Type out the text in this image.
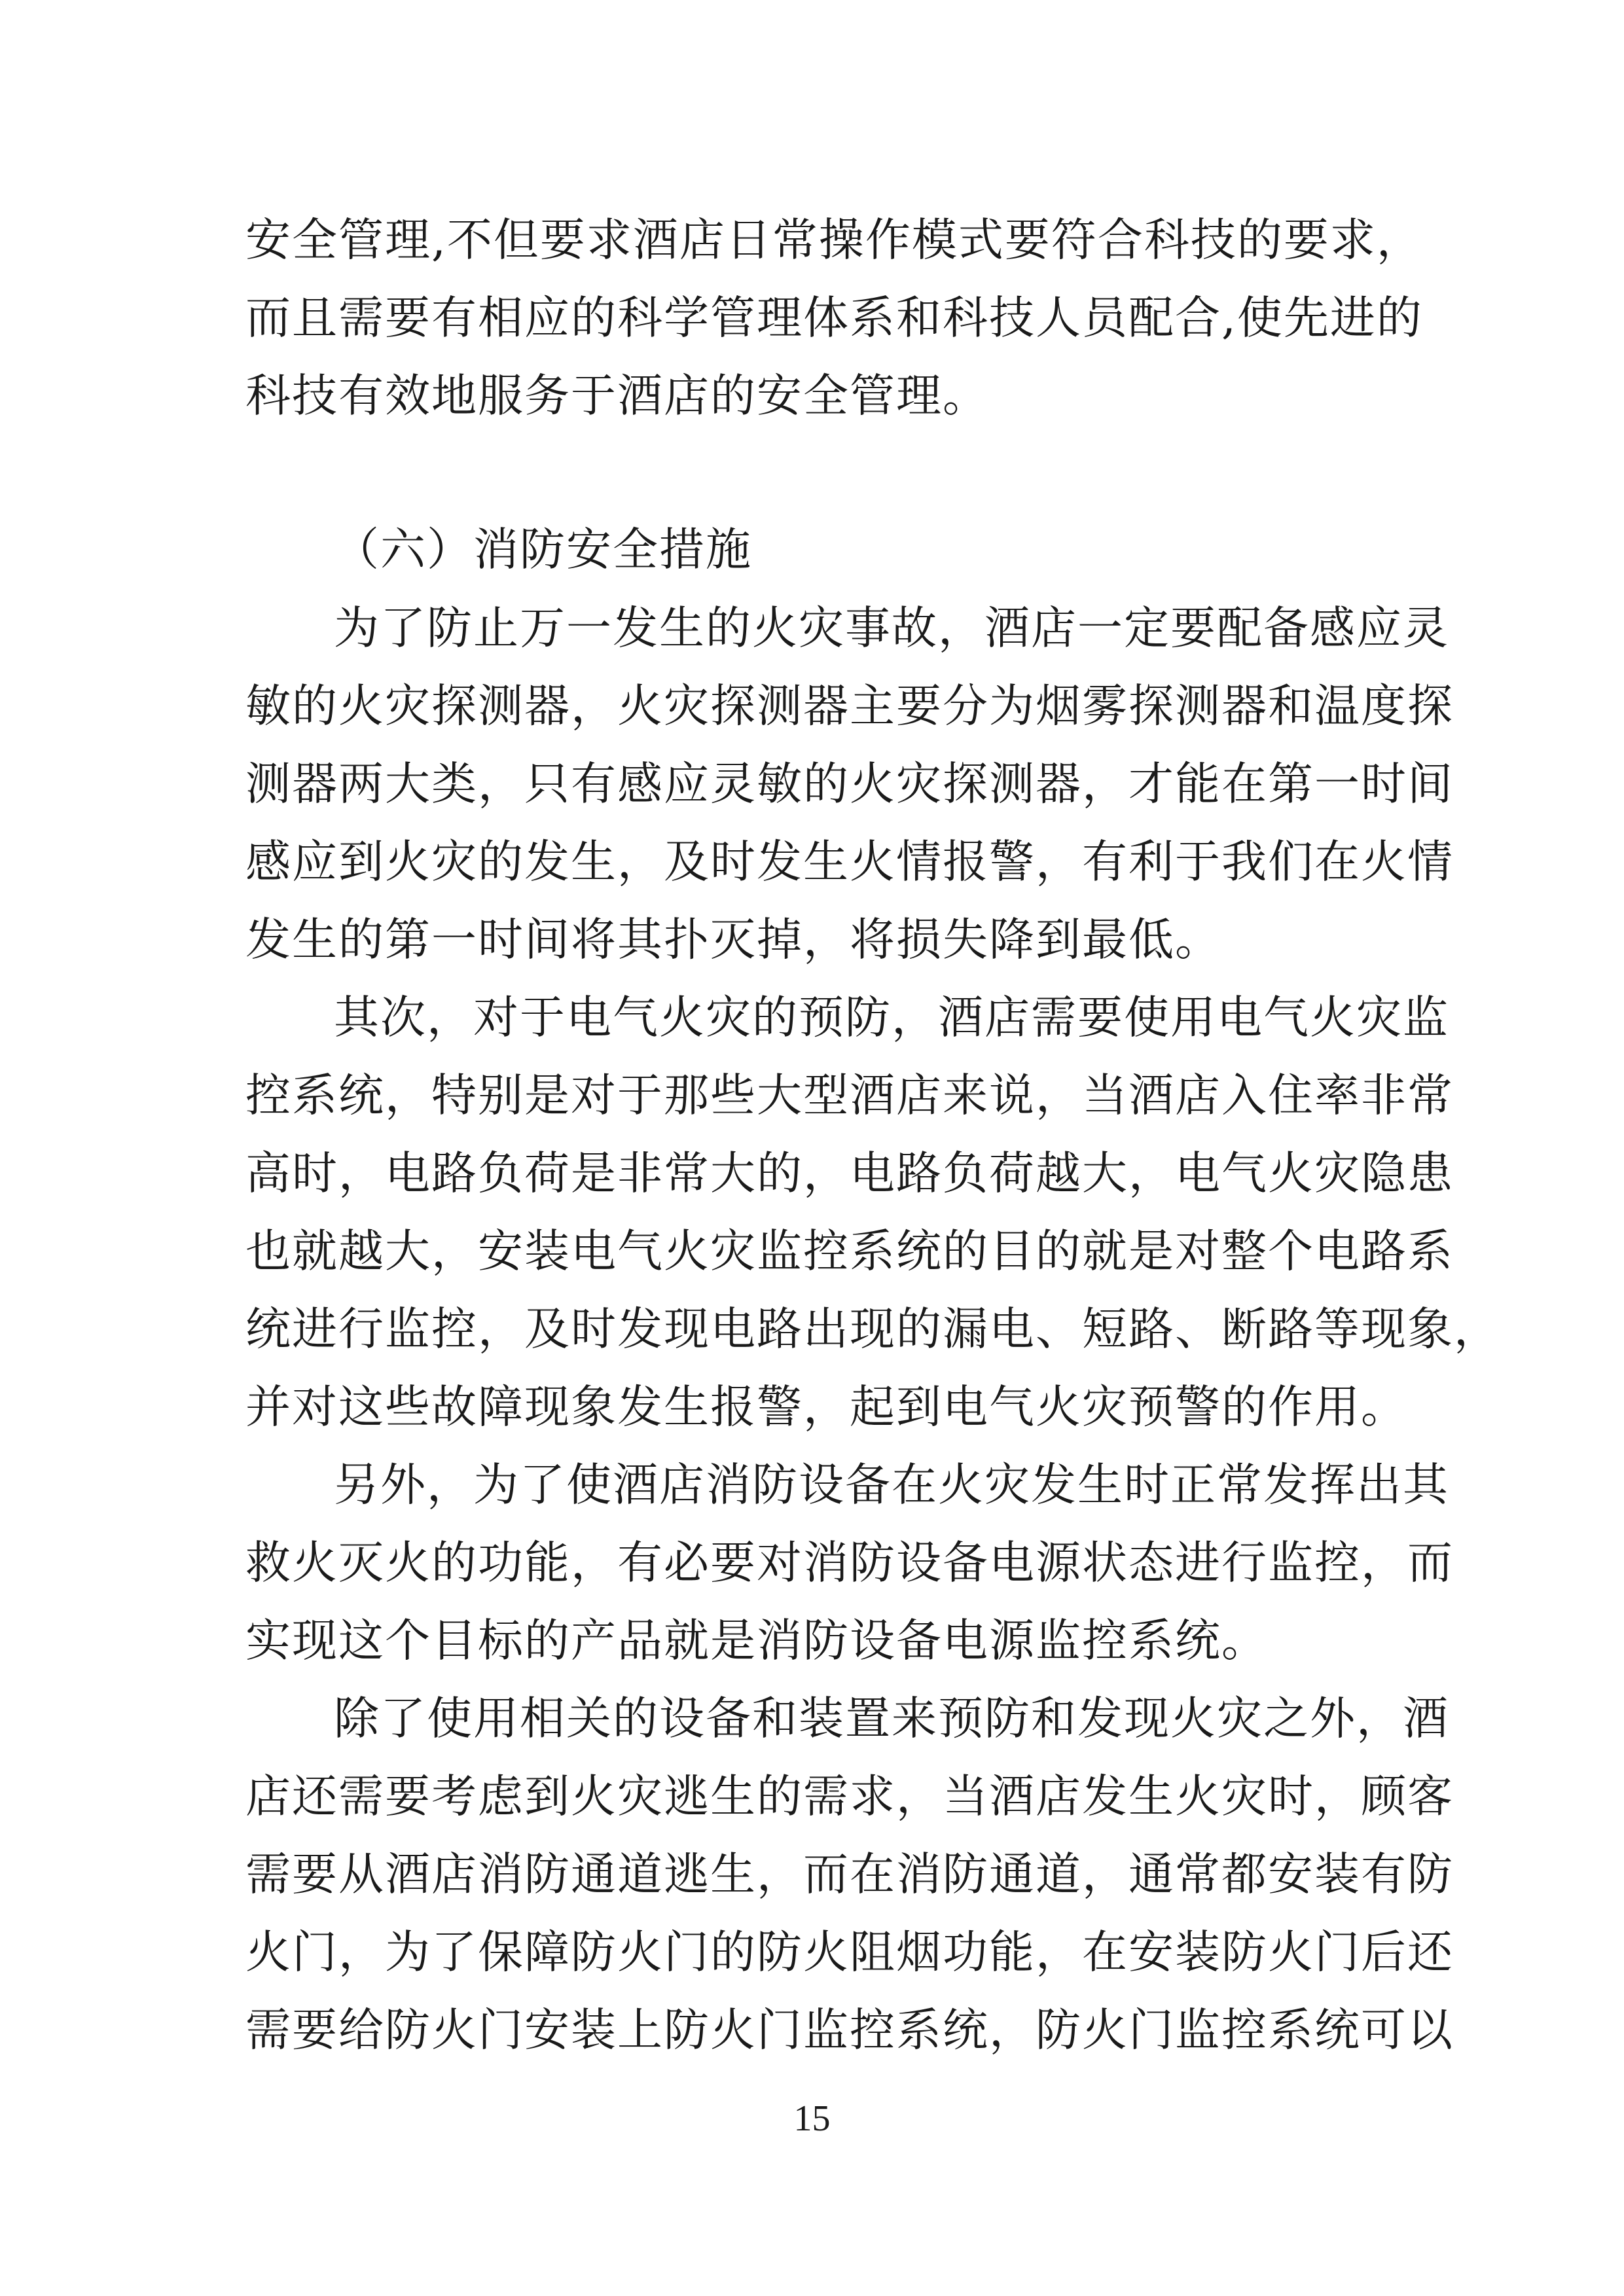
安全管理,不但要求酒店日常操作模式要符合科技的要求，
而且需要有相应的科学管理体系和科技人员配合,使先进的
科技有效地服务于酒店的安全管理。
（六）消防安全措施
为了防止万一发生的火灾事故，酒店一定要配备感应灵
敏的火灾探测器，火灾探测器主要分为烟雾探测器和温度探
测器两大类，只有感应灵敏的火灾探测器，才能在第一时间
感应到火灾的发生，及时发生火情报警，有利于我们在火情
发生的第一时间将其扑灭掉，将损失降到最低。
其次，对于电气火灾的预防，酒店需要使用电气火灾监
控系统，特别是对于那些大型酒店来说，当酒店入住率非常
高时，电路负荷是非常大的，电路负荷越大，电气火灾隐患
也就越大，安装电气火灾监控系统的目的就是对整个电路系
统进行监控，及时发现电路出现的漏电、短路、断路等现象，
并对这些故障现象发生报警，起到电气火灾预警的作用。
另外，为了使酒店消防设备在火灾发生时正常发挥出其
救火灭火的功能，有必要对消防设备电源状态进行监控，而
实现这个目标的产品就是消防设备电源监控系统。
除了使用相关的设备和装置来预防和发现火灾之外，酒
店还需要考虑到火灾逃生的需求，当酒店发生火灾时，顾客
需要从酒店消防通道逃生，而在消防通道，通常都安装有防
火门，为了保障防火门的防火阻烟功能，在安装防火门后还
需要给防火门安装上防火门监控系统，防火门监控系统可以
15
